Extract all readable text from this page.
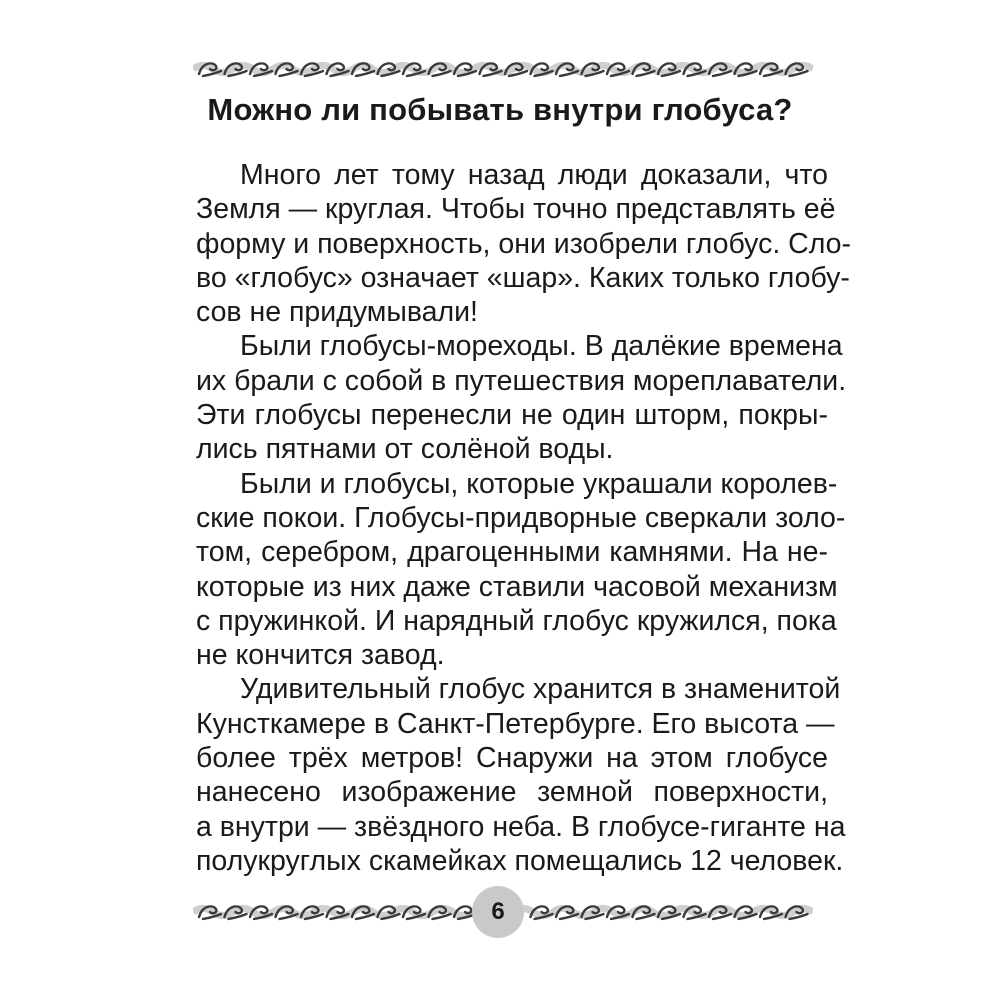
Можно ли побывать внутри глобуса?
Много лет тому назад люди доказали, что
Земля — круглая. Чтобы точно представлять её
форму и поверхность, они изобрели глобус. Сло-
во «глобус» означает «шар». Каких только глобу-
сов не придумывали!
Были глобусы-мореходы. В далёкие времена
их брали с собой в путешествия мореплаватели.
Эти глобусы перенесли не один шторм, покры-
лись пятнами от солёной воды.
Были и глобусы, которые украшали королев-
ские покои. Глобусы-придворные сверкали золо-
том, серебром, драгоценными камнями. На не-
которые из них даже ставили часовой механизм
с пружинкой. И нарядный глобус кружился, пока
не кончится завод.
Удивительный глобус хранится в знаменитой
Кунсткамере в Санкт-Петербурге. Его высота —
более трёх метров! Снаружи на этом глобусе
нанесено изображение земной поверхности,
а внутри — звёздного неба. В глобусе-гиганте на
полукруглых скамейках помещались 12 человек.
6
